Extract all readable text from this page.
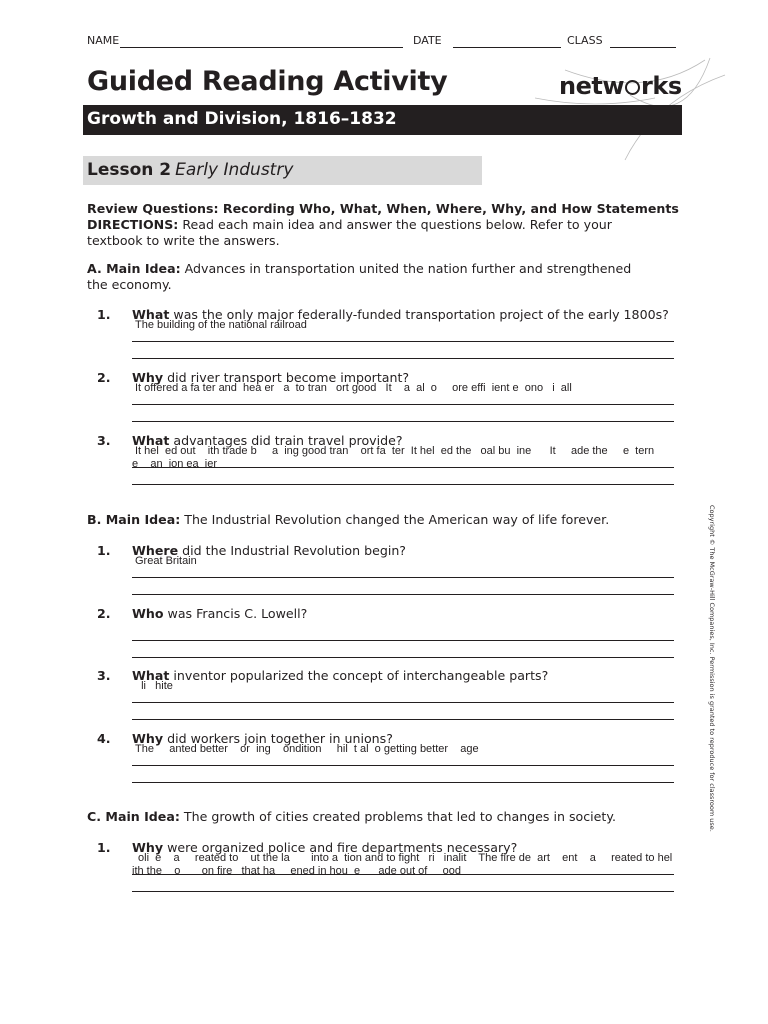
NAME	DATE	CLASS
Guided Reading Activity	netw rks
Growth and Division, 1816–1832
Lesson 2 Early Industry
Review Questions: Recording Who, What, When, Where, Why, and How Statements
DIRECTIONS: Read each main idea and answer the questions below. Refer to your textbook to write the answers.
A. Main Idea: Advances in transportation united the nation further and strengthened the economy.
1. What was the only major federally-funded transportation project of the early 1800s?
The building of the national railroad
2. Why did river transport become important?
It offered a fa ter and  hea er   a  to tran   ort good   It    a  al  o     ore effi  ient e  ono   i  all
3. What advantages did train travel provide?
It hel  ed out    ith trade b     a  ing good tran    ort fa  ter  It hel  ed the   oal bu  ine      It     ade the     e  tern
e    an  ion ea  ier
B. Main Idea: The Industrial Revolution changed the American way of life forever.
1. Where did the Industrial Revolution begin?
Great Britain
2. Who was Francis C. Lowell?
3. What inventor popularized the concept of interchangeable parts?
li   hite
4. Why did workers join together in unions?
The     anted better    or  ing    ondition     hil  t al  o getting better    age
C. Main Idea: The growth of cities created problems that led to changes in society.
1. Why were organized police and fire departments necessary?
oli  e    a     reated to    ut the la       into a  tion and to fight   ri   inalit    The fire de  art    ent    a     reated to hel
ith the    o       on fire   that ha     ened in hou  e      ade out of     ood
Copyright © The McGraw-Hill Companies, Inc. Permission is granted to reproduce for classroom use.
